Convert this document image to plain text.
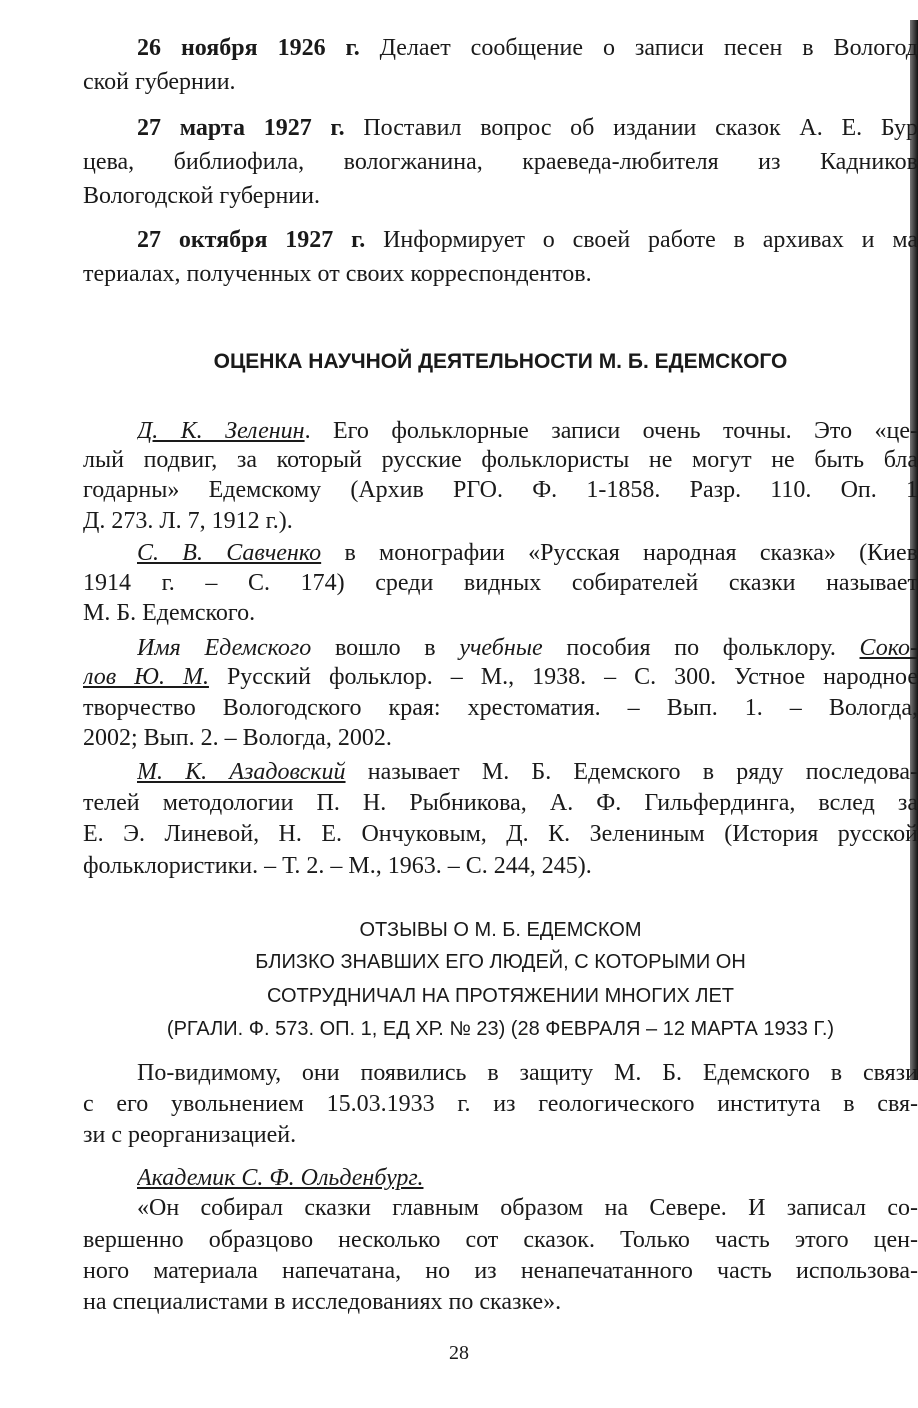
26 ноября 1926 г. Делает сообщение о записи песен в Вологод
ской губернии.
27 марта 1927 г. Поставил вопрос об издании сказок А. Е. Бур
цева, библиофила, вологжанина, краеведа-любителя из Кадников
Вологодской губернии.
27 октября 1927 г. Информирует о своей работе в архивах и ма
териалах, полученных от своих корреспондентов.
ОЦЕНКА НАУЧНОЙ ДЕЯТЕЛЬНОСТИ М. Б. ЕДЕМСКОГО
Д. К. Зеленин. Его фольклорные записи очень точны. Это «це-
лый подвиг, за который русские фольклористы не могут не быть бла
годарны» Едемскому (Архив РГО. Ф. 1-1858. Разр. 110. Оп. 1
Д. 273. Л. 7, 1912 г.).
С. В. Савченко в монографии «Русская народная сказка» (Киев
1914 г. – С. 174) среди видных собирателей сказки называет
М. Б. Едемского.
Имя Едемского вошло в учебные пособия по фольклору. Соко-
лов Ю. М. Русский фольклор. – М., 1938. – С. 300. Устное народное
творчество Вологодского края: хрестоматия. – Вып. 1. – Вологда,
2002; Вып. 2. – Вологда, 2002.
М. К. Азадовский называет М. Б. Едемского в ряду последова-
телей методологии П. Н. Рыбникова, А. Ф. Гильфердинга, вслед за
Е. Э. Линевой, Н. Е. Ончуковым, Д. К. Зелениным (История русской
фольклористики. – Т. 2. – М., 1963. – С. 244, 245).
ОТЗЫВЫ О М. Б. ЕДЕМСКОМ
БЛИЗКО ЗНАВШИХ ЕГО ЛЮДЕЙ, С КОТОРЫМИ ОН
СОТРУДНИЧАЛ НА ПРОТЯЖЕНИИ МНОГИХ ЛЕТ
(РГАЛИ. Ф. 573. ОП. 1, ЕД ХР. № 23) (28 ФЕВРАЛЯ – 12 МАРТА 1933 Г.)
По-видимому, они появились в защиту М. Б. Едемского в связи
с его увольнением 15.03.1933 г. из геологического института в свя-
зи с реорганизацией.
Академик С. Ф. Ольденбург.
«Он собирал сказки главным образом на Севере. И записал со-
вершенно образцово несколько сот сказок. Только часть этого цен-
ного материала напечатана, но из ненапечатанного часть использова-
на специалистами в исследованиях по сказке».
28
